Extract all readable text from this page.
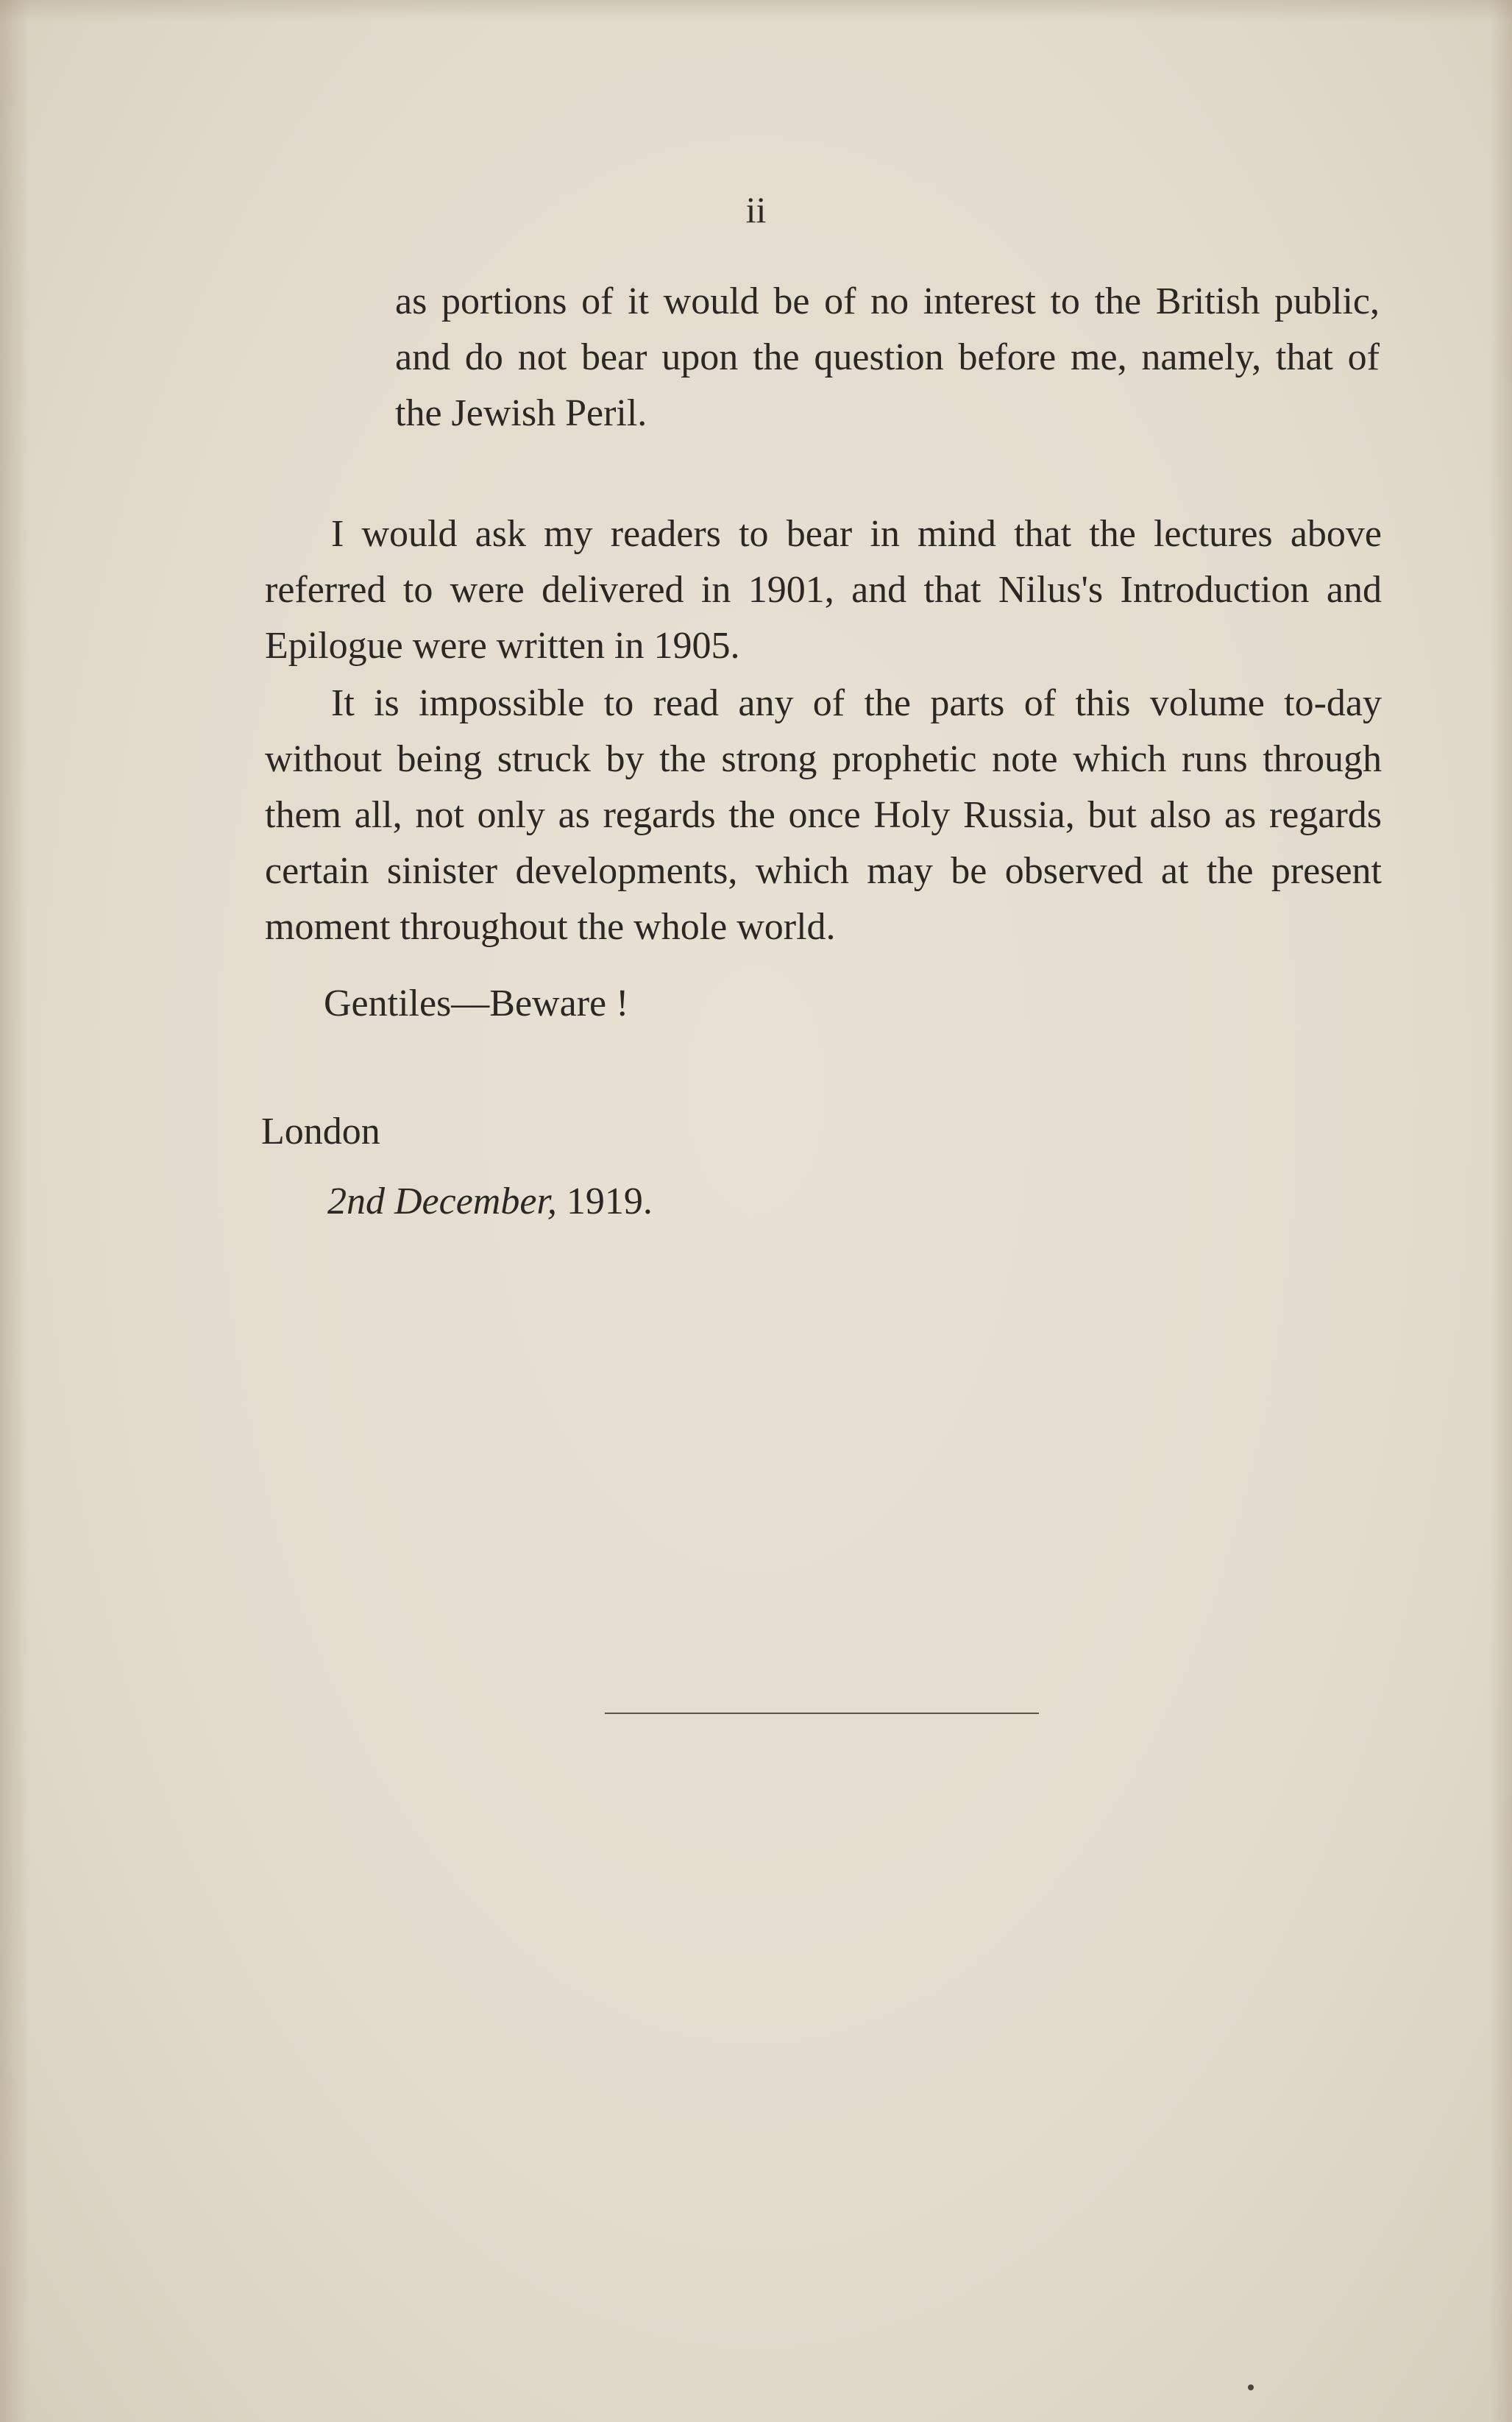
ii

as portions of it would be of no interest to the British public, and do not bear upon the question before me, namely, that of the Jewish Peril.

I would ask my readers to bear in mind that the lectures above referred to were delivered in 1901, and that Nilus's Introduction and Epilogue were written in 1905.

It is impossible to read any of the parts of this volume to-day without being struck by the strong prophetic note which runs through them all, not only as regards the once Holy Russia, but also as regards certain sinister developments, which may be observed at the present moment throughout the whole world.

Gentiles—Beware !

London
2nd December, 1919.
